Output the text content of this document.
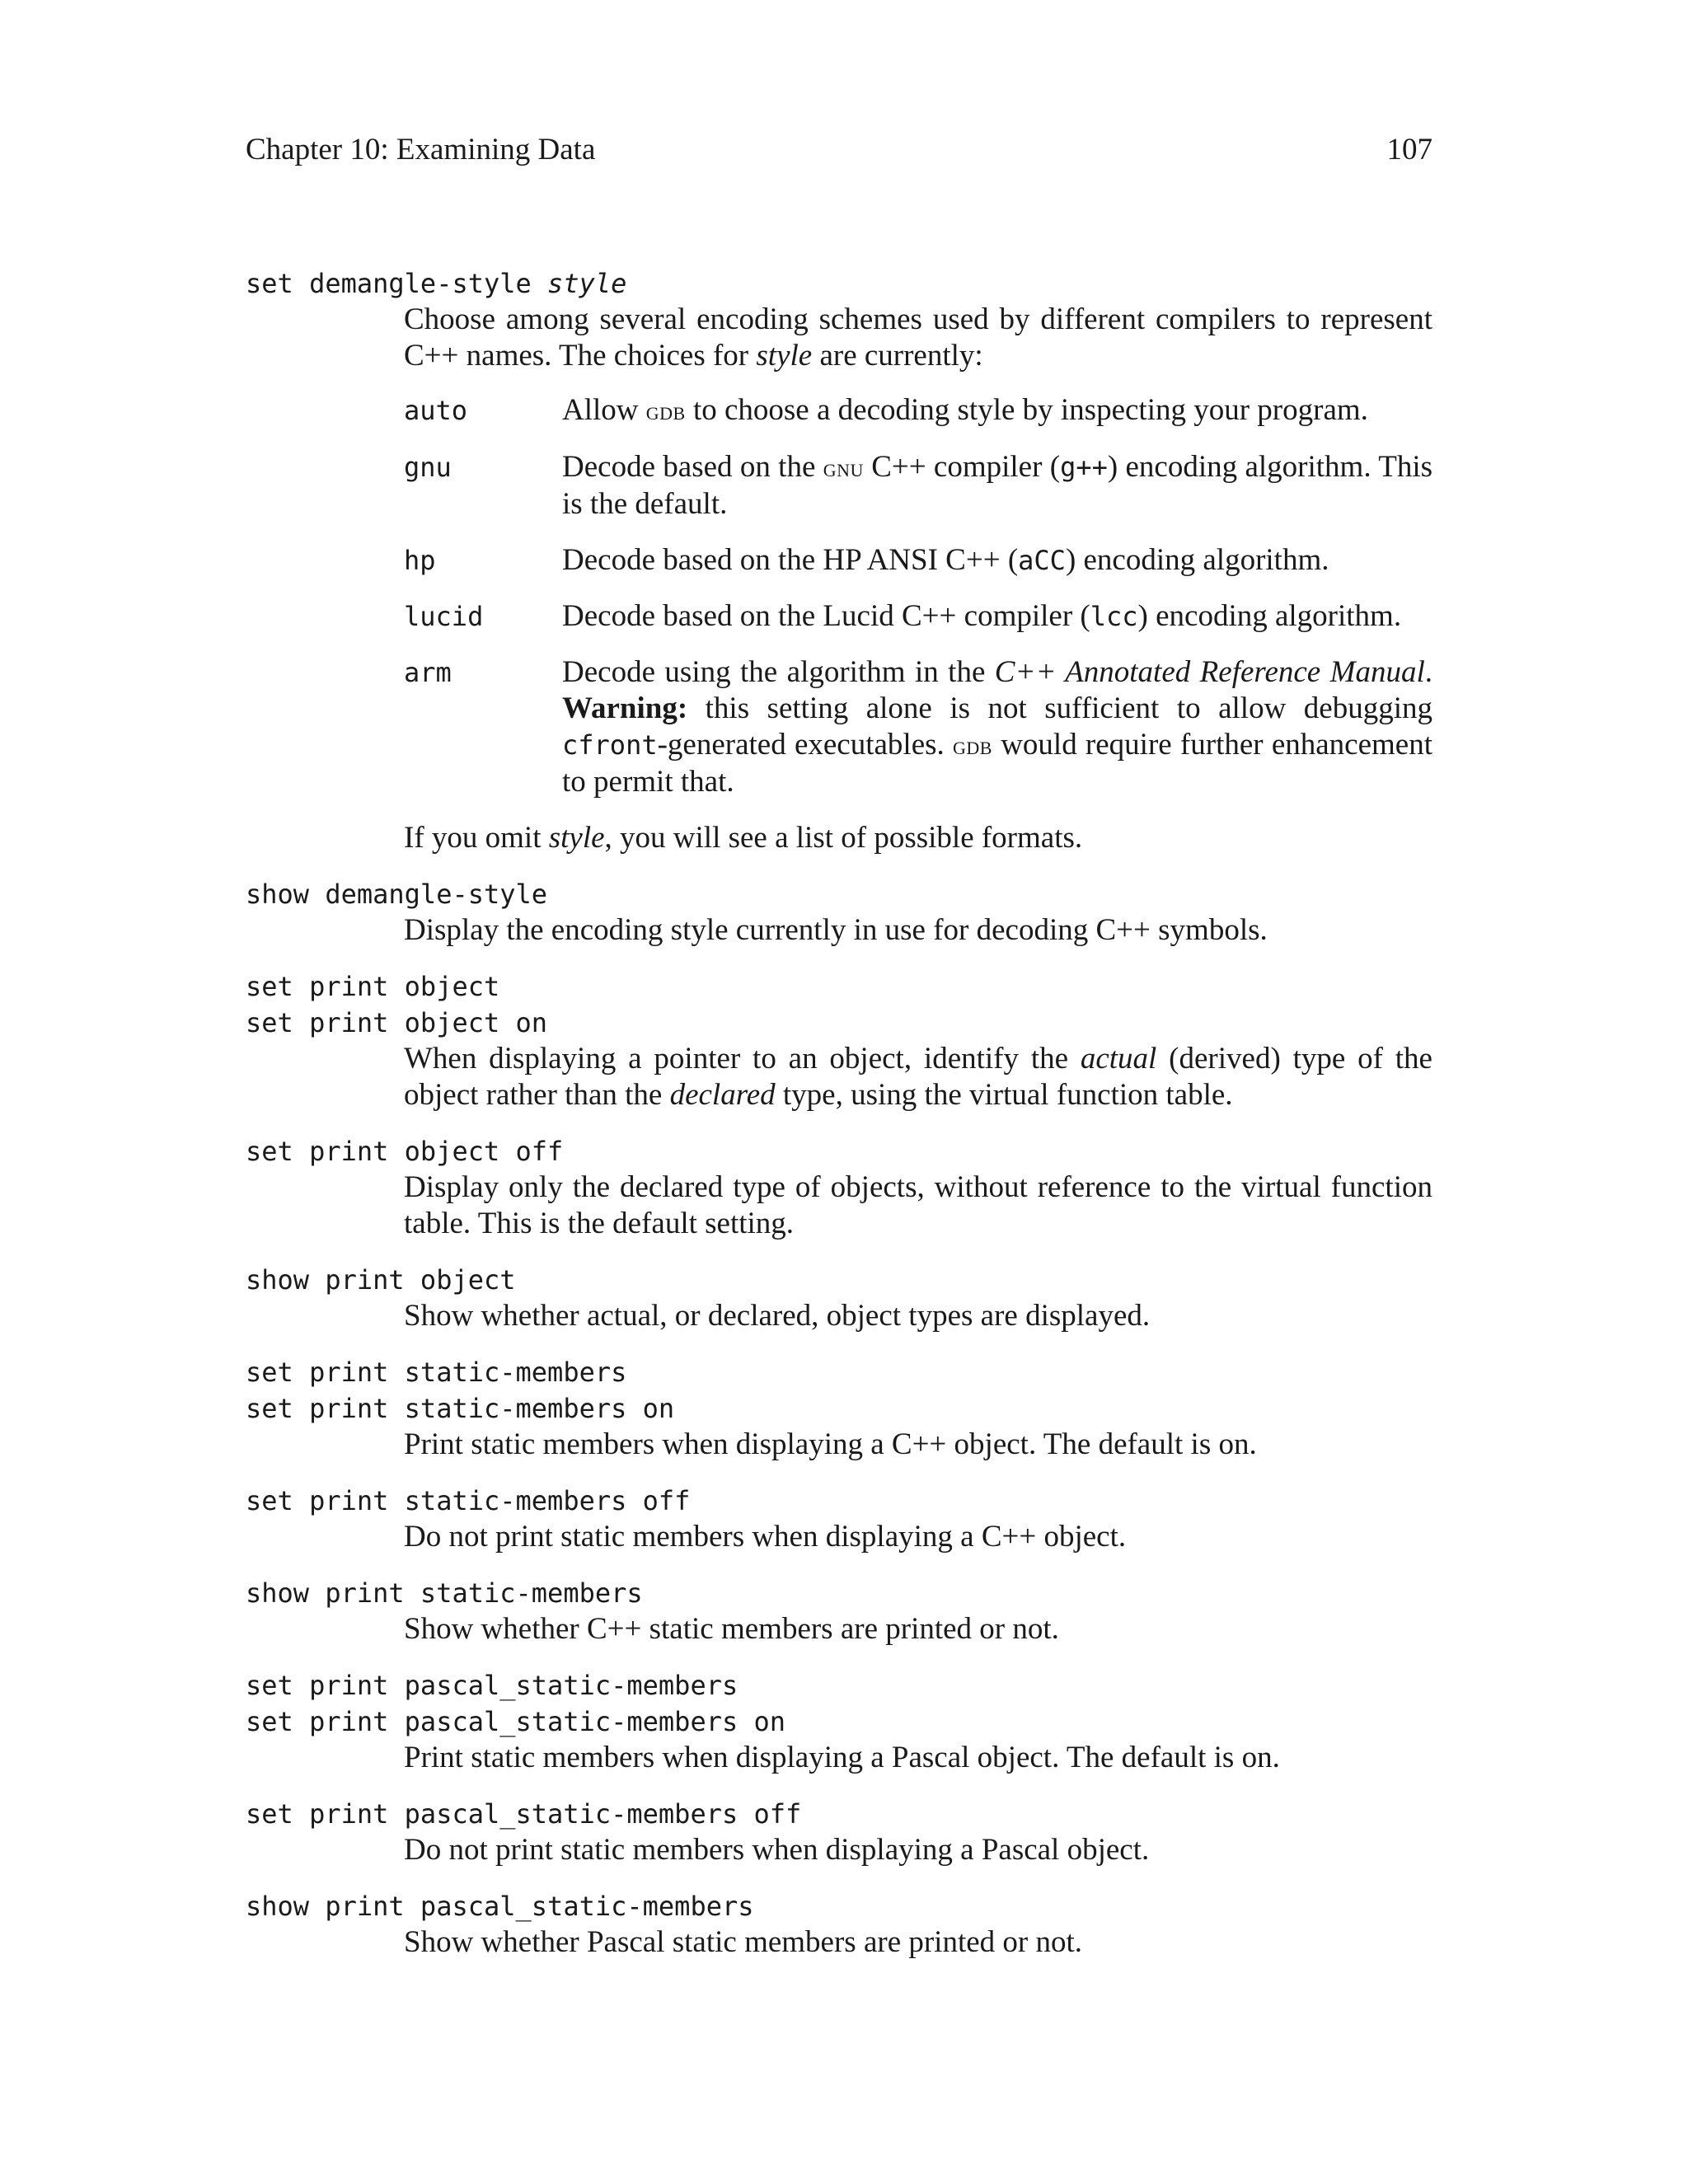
Chapter 10: Examining Data	107
set demangle-style style

Choose among several encoding schemes used by different compilers to represent C++ names. The choices for style are currently:

auto	Allow gdb to choose a decoding style by inspecting your program.
gnu	Decode based on the gnu C++ compiler (g++) encoding algorithm. This is the default.
hp	Decode based on the HP ANSI C++ (aCC) encoding algorithm.
lucid	Decode based on the Lucid C++ compiler (lcc) encoding algorithm.
arm	Decode using the algorithm in the C++ Annotated Reference Manual. Warning: this setting alone is not sufficient to allow debugging cfront-generated executables. gdb would require further enhancement to permit that.

If you omit style, you will see a list of possible formats.

show demangle-style
Display the encoding style currently in use for decoding C++ symbols.
set print object
set print object on
When displaying a pointer to an object, identify the actual (derived) type of the object rather than the declared type, using the virtual function table.
set print object off
Display only the declared type of objects, without reference to the virtual function table. This is the default setting.
show print object
Show whether actual, or declared, object types are displayed.
set print static-members
set print static-members on
Print static members when displaying a C++ object. The default is on.
set print static-members off
Do not print static members when displaying a C++ object.
show print static-members
Show whether C++ static members are printed or not.
set print pascal_static-members
set print pascal_static-members on
Print static members when displaying a Pascal object. The default is on.
set print pascal_static-members off
Do not print static members when displaying a Pascal object.
show print pascal_static-members
Show whether Pascal static members are printed or not.
